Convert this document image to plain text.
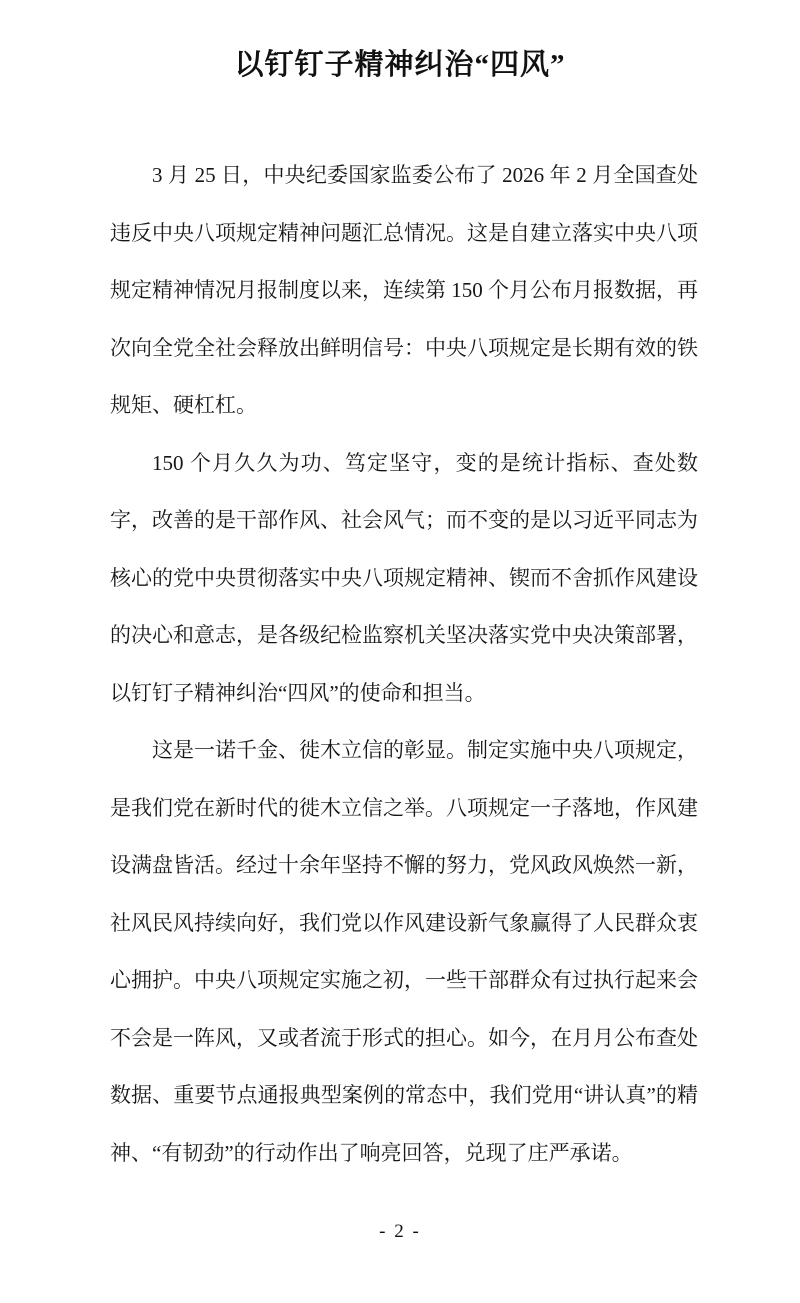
以钉钉子精神纠治“四风”

3 月 25 日，中央纪委国家监委公布了 2026 年 2 月全国查处违反中央八项规定精神问题汇总情况。这是自建立落实中央八项规定精神情况月报制度以来，连续第 150 个月公布月报数据，再次向全党全社会释放出鲜明信号：中央八项规定是长期有效的铁规矩、硬杠杠。

150 个月久久为功、笃定坚守，变的是统计指标、查处数字，改善的是干部作风、社会风气；而不变的是以习近平同志为核心的党中央贯彻落实中央八项规定精神、锲而不舍抓作风建设的决心和意志，是各级纪检监察机关坚决落实党中央决策部署，以钉钉子精神纠治“四风”的使命和担当。

这是一诺千金、徙木立信的彰显。制定实施中央八项规定，是我们党在新时代的徙木立信之举。八项规定一子落地，作风建设满盘皆活。经过十余年坚持不懈的努力，党风政风焕然一新，社风民风持续向好，我们党以作风建设新气象赢得了人民群众衷心拥护。中央八项规定实施之初，一些干部群众有过执行起来会不会是一阵风，又或者流于形式的担心。如今，在月月公布查处数据、重要节点通报典型案例的常态中，我们党用“讲认真”的精神、“有韧劲”的行动作出了响亮回答，兑现了庄严承诺。

- 2 -
